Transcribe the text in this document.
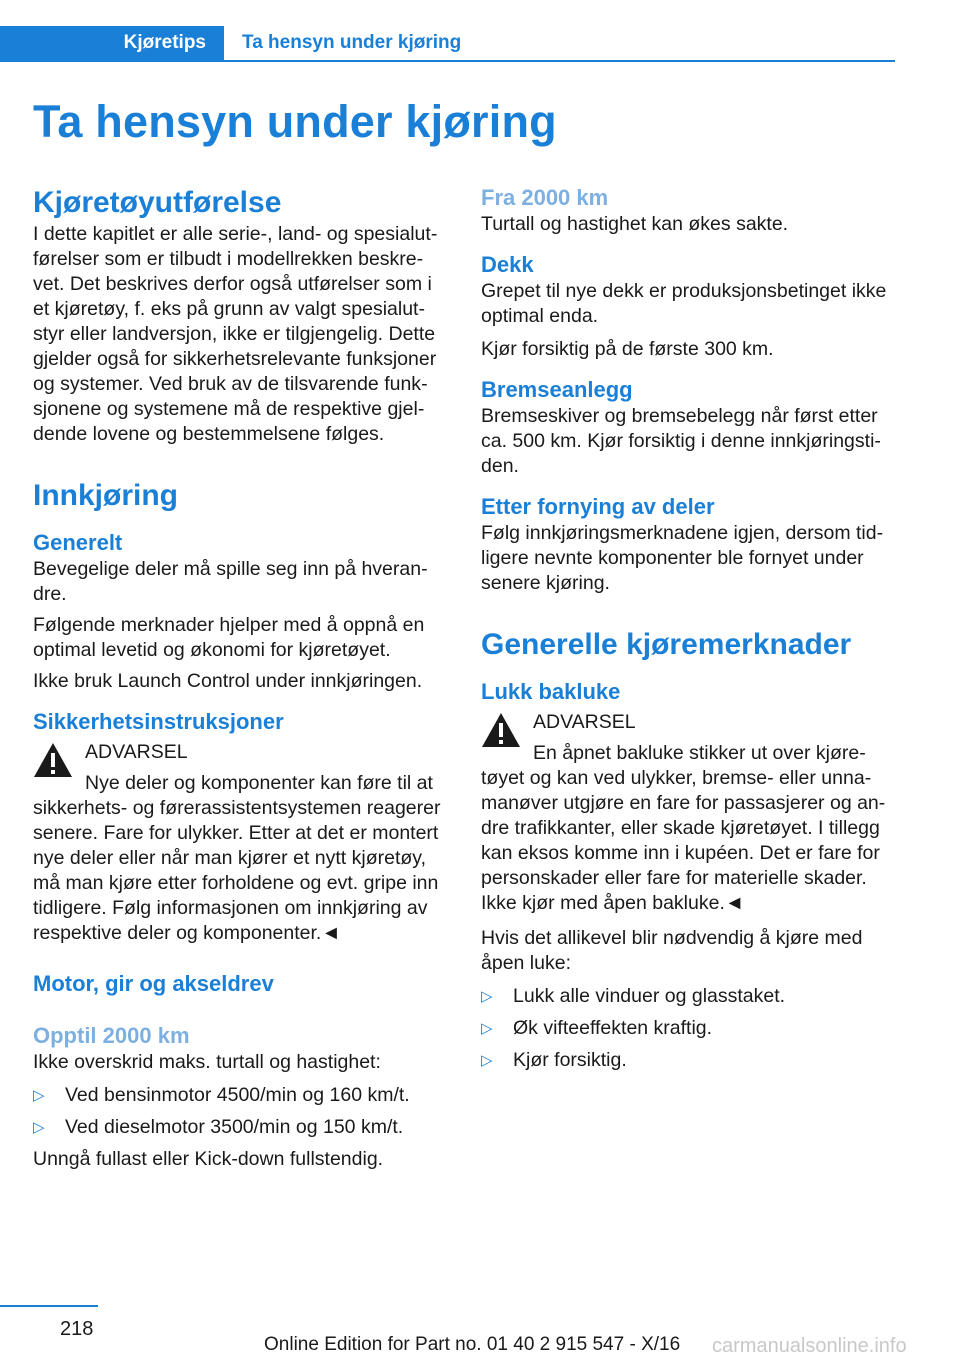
Kjøretips	Ta hensyn under kjøring
Ta hensyn under kjøring
Kjøretøyutførelse
I dette kapitlet er alle serie-, land- og spesialutførelser som er tilbudt i modellrekken beskrevet. Det beskrives derfor også utførelser som i et kjøretøy, f. eks på grunn av valgt spesialutstyr eller landversjon, ikke er tilgjengelig. Dette gjelder også for sikkerhetsrelevante funksjoner og systemer. Ved bruk av de tilsvarende funksjonene og systemene må de respektive gjeldende lovene og bestemmelsene følges.
Innkjøring
Generelt
Bevegelige deler må spille seg inn på hverandre.
Følgende merknader hjelper med å oppnå en optimal levetid og økonomi for kjøretøyet.
Ikke bruk Launch Control under innkjøringen.
Sikkerhetsinstruksjoner
ADVARSEL
Nye deler og komponenter kan føre til at sikkerhets- og førerassistentsystemen reagerer senere. Fare for ulykker. Etter at det er montert nye deler eller når man kjører et nytt kjøretøy, må man kjøre etter forholdene og evt. gripe inn tidligere. Følg informasjonen om innkjøring av respektive deler og komponenter.◄
Motor, gir og akseldrev
Opptil 2000 km
Ikke overskrid maks. turtall og hastighet:
▷ Ved bensinmotor 4500/min og 160 km/t.
▷ Ved dieselmotor 3500/min og 150 km/t.
Unngå fullast eller Kick-down fullstendig.
Fra 2000 km
Turtall og hastighet kan økes sakte.
Dekk
Grepet til nye dekk er produksjonsbetinget ikke optimal enda.
Kjør forsiktig på de første 300 km.
Bremseanlegg
Bremseskiver og bremsebelegg når først etter ca. 500 km. Kjør forsiktig i denne innkjøringstiden.
Etter fornying av deler
Følg innkjøringsmerknadene igjen, dersom tidligere nevnte komponenter ble fornyet under senere kjøring.
Generelle kjøremerknader
Lukk bakluke
ADVARSEL
En åpnet bakluke stikker ut over kjøretøyet og kan ved ulykker, bremse- eller unnamanøver utgjøre en fare for passasjerer og andre trafikkanter, eller skade kjøretøyet. I tillegg kan eksos komme inn i kupéen. Det er fare for personskader eller fare for materielle skader. Ikke kjør med åpen bakluke.◄
Hvis det allikevel blir nødvendig å kjøre med åpen luke:
▷ Lukk alle vinduer og glasstaket.
▷ Øk vifteeffekten kraftig.
▷ Kjør forsiktig.
218
Online Edition for Part no. 01 40 2 915 547 - X/16 carmanualsonline.info
